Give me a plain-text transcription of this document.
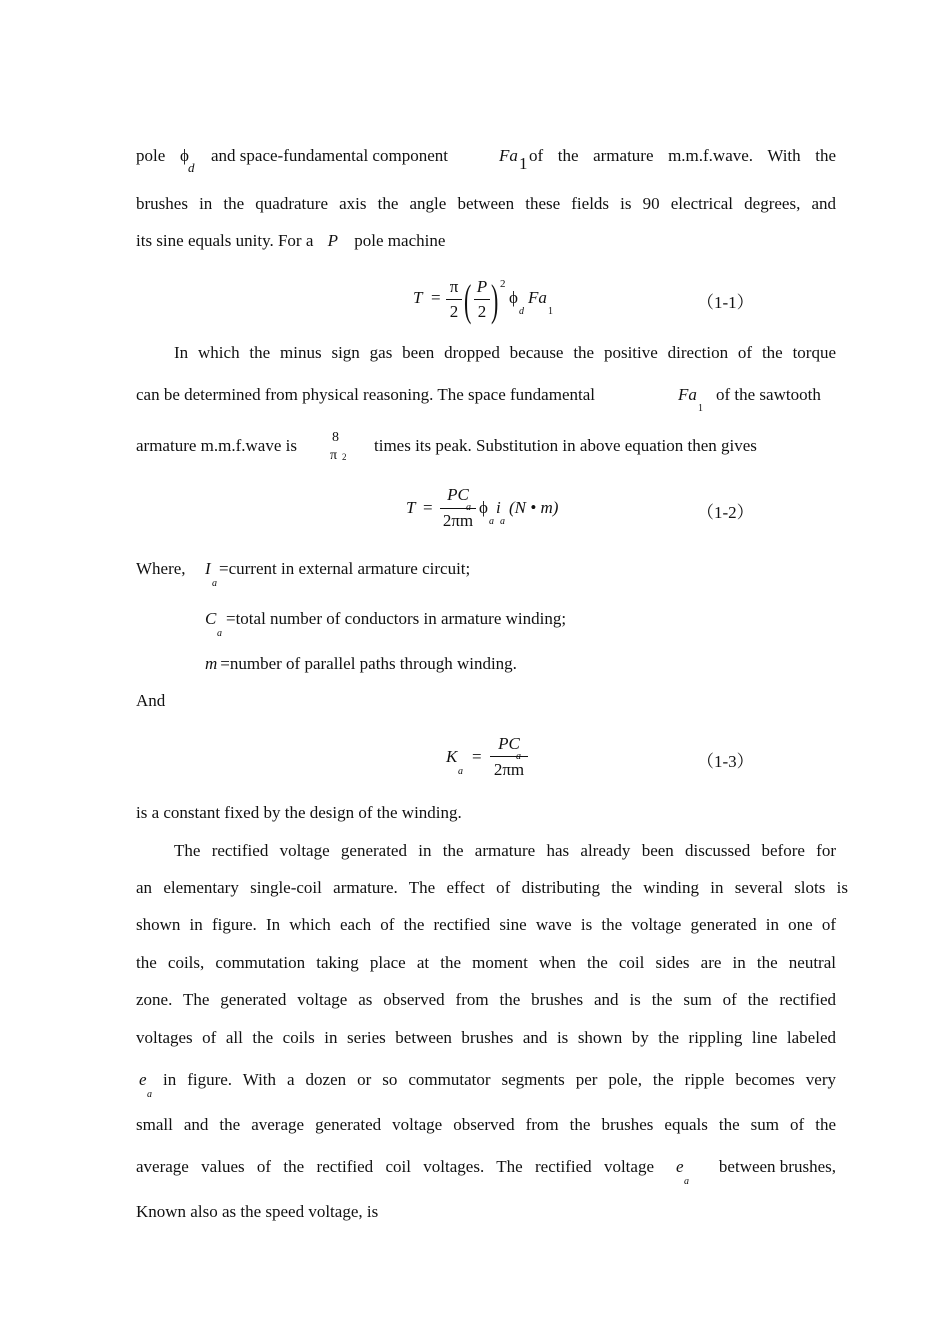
pole ϕ
d
and space-fundamental component	Fa 1 of the armature m.m.f.wave. With the
brushes in the quadrature axis the angle between these fields is 90 electrical degrees, and
its sine equals unity. For a P pole machine
T =
π
2 ( P
2 ) 2
ϕ
d
Fa
1	（1-1）
In which the minus sign gas been dropped because the positive direction of the torque
can be determined from physical reasoning. The space fundamental	Fa
1
of the sawtooth
armature m.m.f.wave is	8
π 2
times its peak. Substitution in above equation then gives
T =
PC
a
2πm
ϕ i
a a
(N • m)	（1-2）
Where, I
a
=current in external armature circuit;
C
a
=total number of conductors in armature winding;
m =number of parallel paths through winding.
And
K
a
=
PC
a
2πm	（1-3）
is a constant fixed by the design of the winding.
The rectified voltage generated in the armature has already been discussed before for
an elementary single-coil armature. The effect of distributing the winding in several slots is
shown in figure. In which each of the rectified sine wave is the voltage generated in one of
the coils, commutation taking place at the moment when the coil sides are in the neutral
zone. The generated voltage as observed from the brushes and is the sum of the rectified
voltages of all the coils in series between brushes and is shown by the rippling line labeled
e
a
in figure. With a dozen or so commutator segments per pole, the ripple becomes very
small and the average generated voltage observed from the brushes equals the sum of the
average values of the rectified coil voltages. The rectified voltage e
a
between brushes,
Known also as the speed voltage, is
